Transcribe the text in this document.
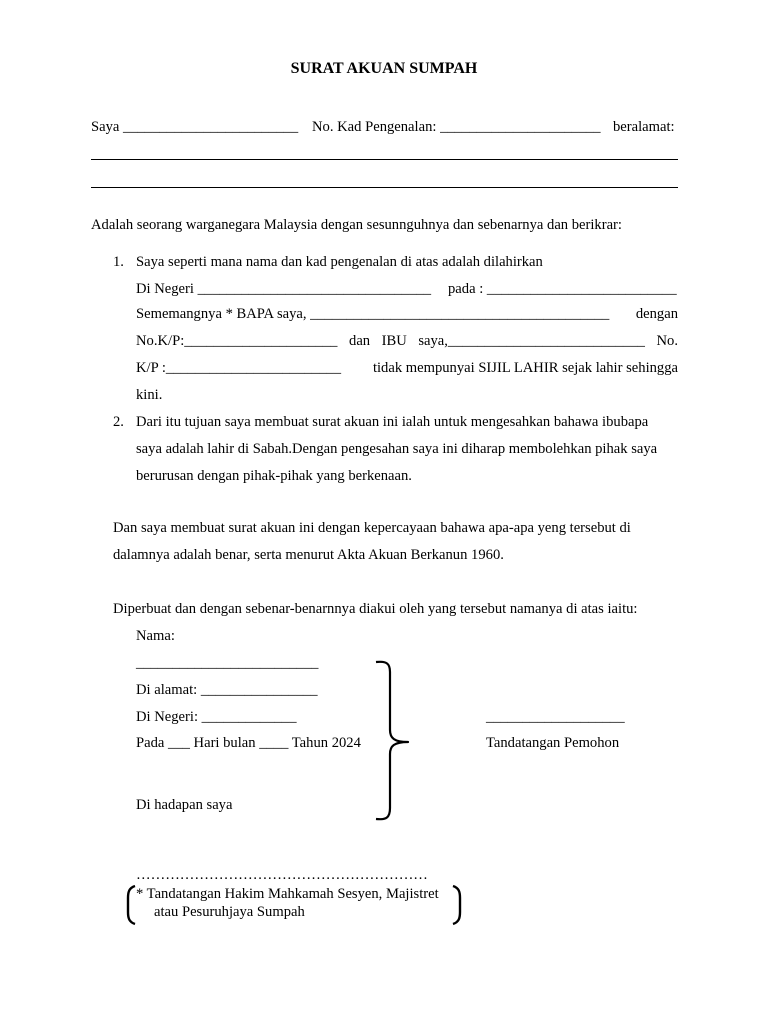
SURAT AKUAN SUMPAH
Saya ________________________ No. Kad Pengenalan: ______________________ beralamat:
Adalah seorang warganegara Malaysia dengan sesunnguhnya dan sebenarnya dan berikrar:
1. Saya seperti mana nama dan kad pengenalan di atas adalah dilahirkan
Di Negeri ________________________________ pada : __________________________
Sememangnya * BAPA saya, _________________________________________ dengan
No.K/P:_____________________ dan IBU saya,___________________________ No.
K/P :________________________ tidak mempunyai SIJIL LAHIR sejak lahir sehingga
kini.
2. Dari itu tujuan saya membuat surat akuan ini ialah untuk mengesahkan bahawa ibubapa
saya adalah lahir di Sabah.Dengan pengesahan saya ini diharap membolehkan pihak saya
berurusan dengan pihak-pihak yang berkenaan.
Dan saya membuat surat akuan ini dengan kepercayaan bahawa apa-apa yeng tersebut di
dalamnya adalah benar, serta menurut Akta Akuan Berkanun 1960.
Diperbuat dan dengan sebenar-benarnnya diakui oleh yang tersebut namanya di atas iaitu:
Nama:
_________________________
Di alamat: ________________
Di Negeri: _____________
Pada ___ Hari bulan ____ Tahun 2024
Di hadapan saya
___________________
Tandatangan Pemohon
……………………………………………………
* Tandatangan Hakim Mahkamah Sesyen, Majistret
atau Pesuruhjaya Sumpah
